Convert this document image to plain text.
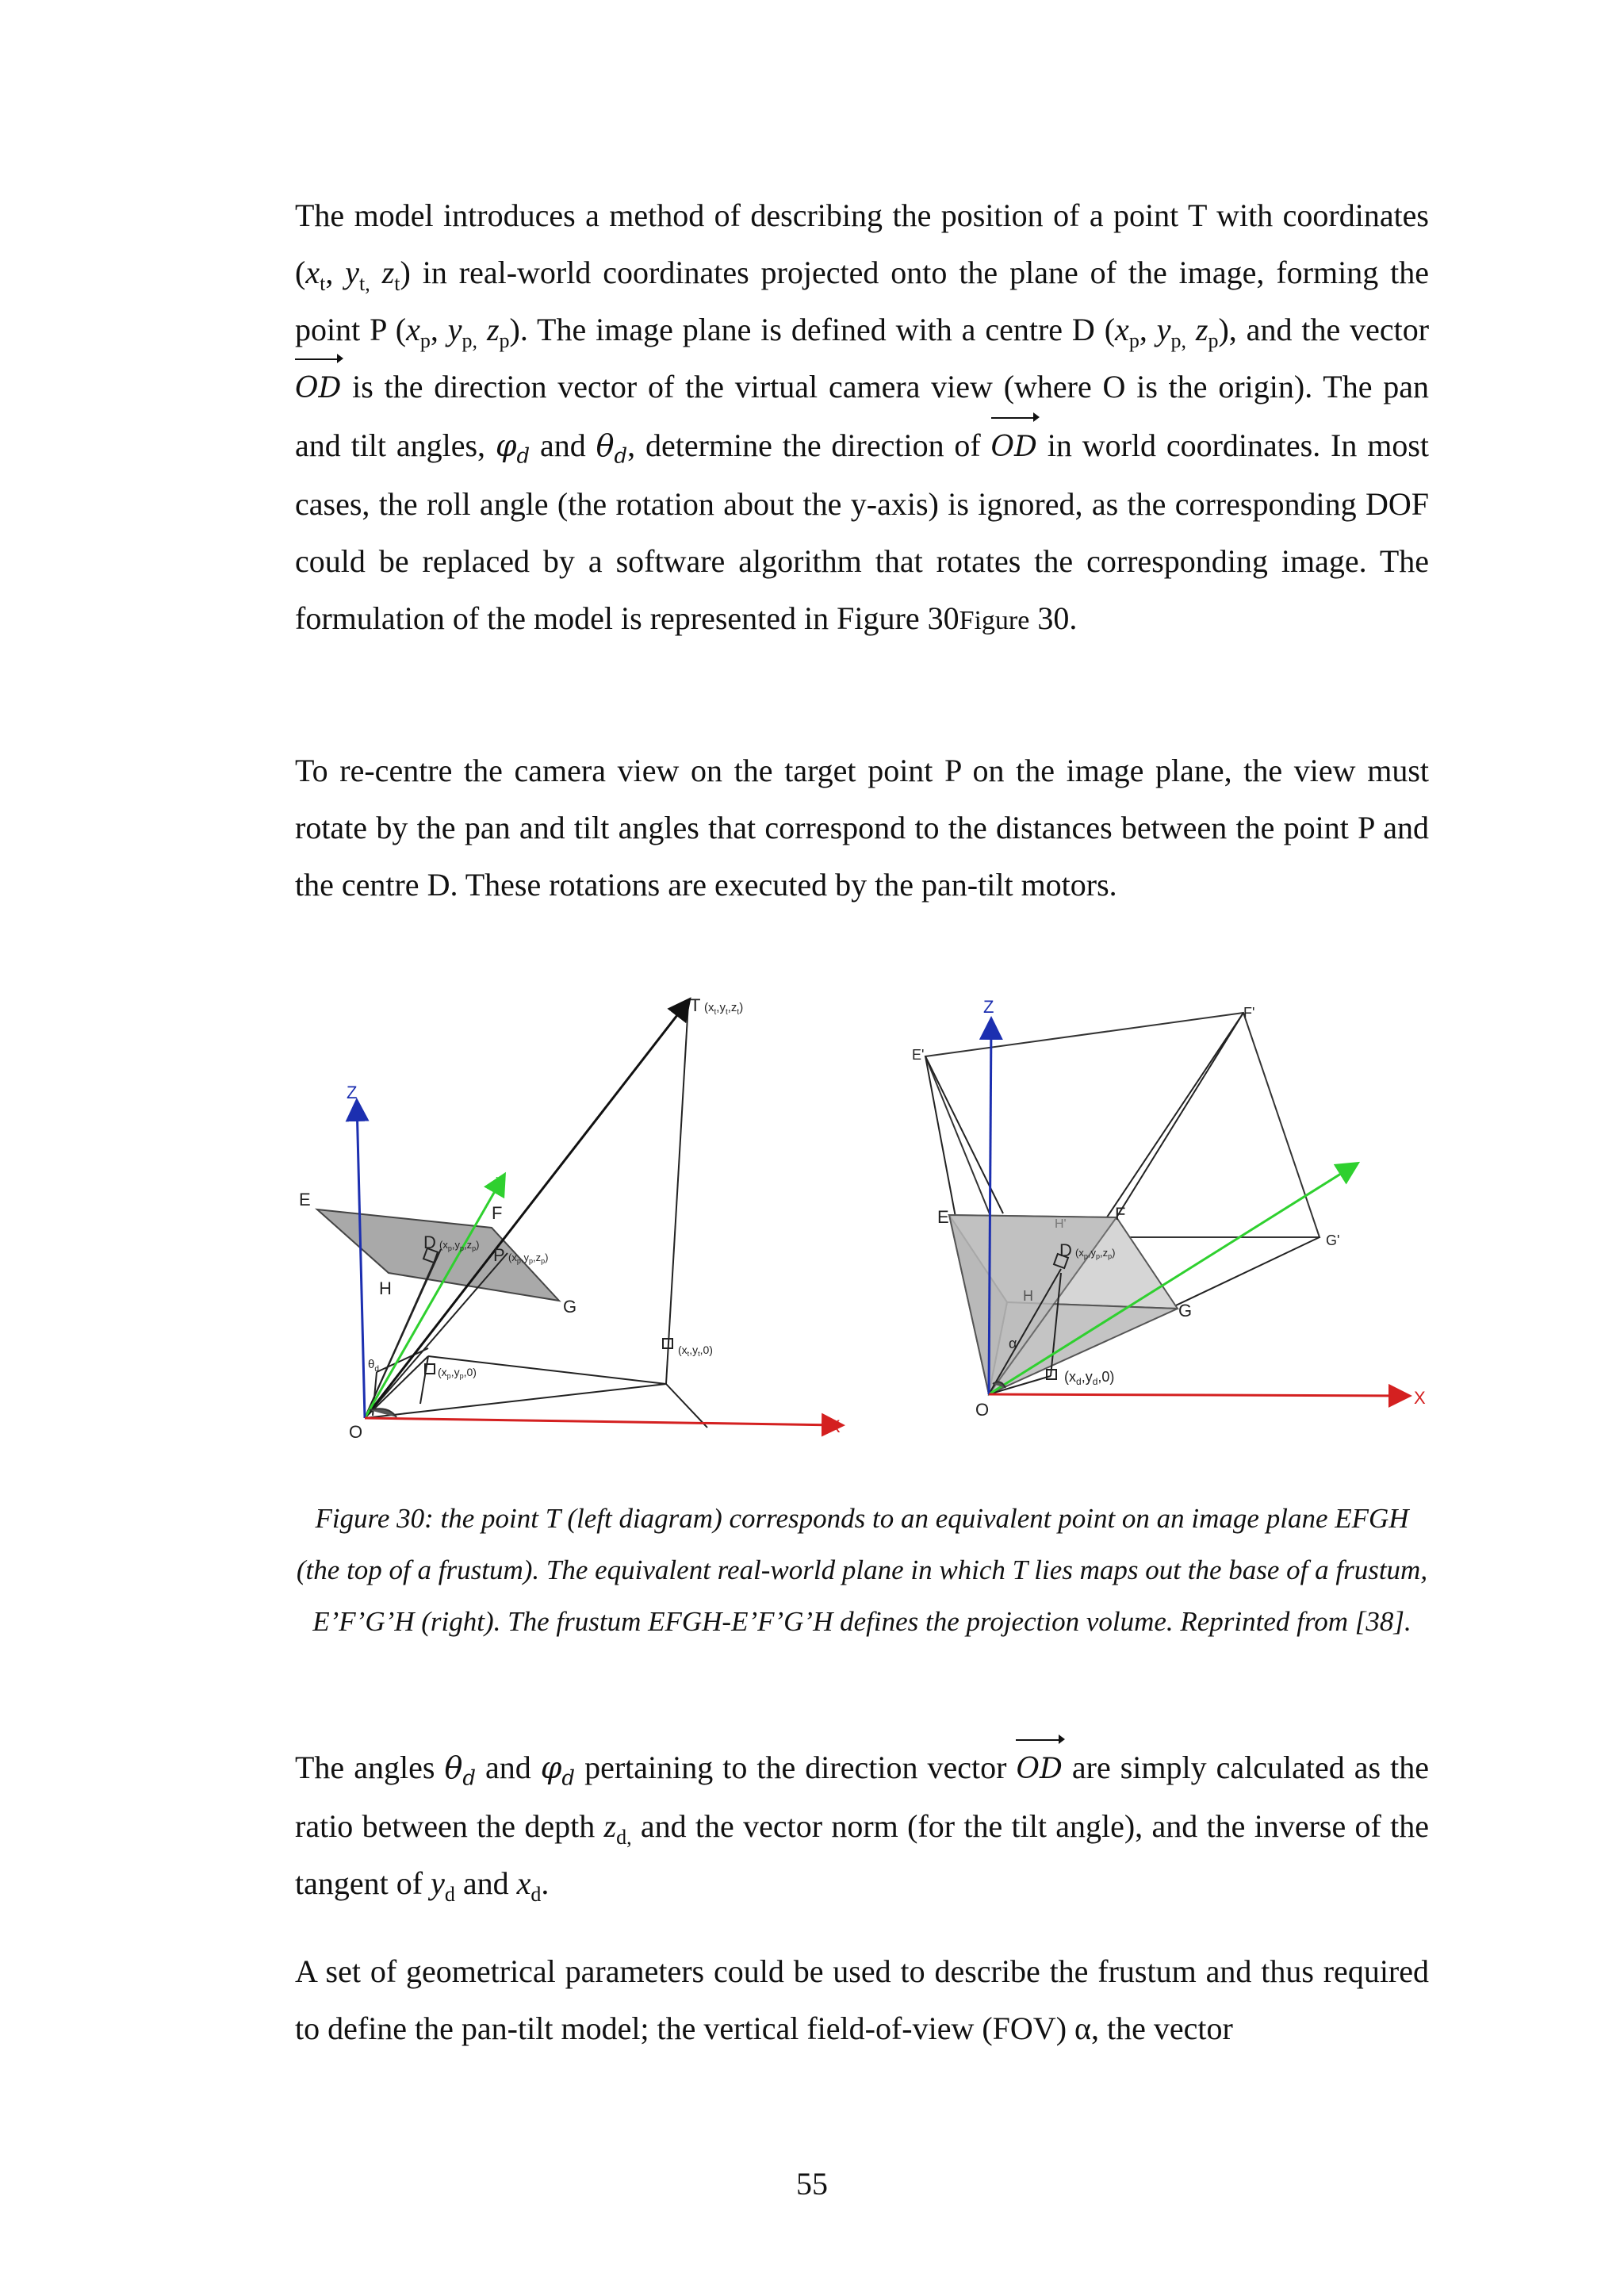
The model introduces a method of describing the position of a point T with coordinates ($x_t$, $y_{t,}$ $z_t$) in real-world coordinates projected onto the plane of the image, forming the point P ($x_p$, $y_{p,}$ $z_p$). The image plane is defined with a centre D ($x_p$, $y_{p,}$ $z_p$), and the vector OD is the direction vector of the virtual camera view (where O is the origin). The pan and tilt angles, $\varphi_d$ and $\theta_d$, determine the direction of OD in world coordinates. In most cases, the roll angle (the rotation about the y-axis) is ignored, as the corresponding DOF could be replaced by a software algorithm that rotates the corresponding image. The formulation of the model is represented in Figure 30Figure 30.

To re-centre the camera view on the target point P on the image plane, the view must rotate by the pan and tilt angles that correspond to the distances between the point P and the centre D. These rotations are executed by the pan-tilt motors.

T $(x_t,y_t,z_t)$
Z
Y
X
E
F
G
H
O
D $(x_p,y_p,z_p)$
P $(x_p,y_p,z_p)$
$\theta_d$	$(x_p,y_p,0)$
$(x_t,y_t,0)$
Z
Y
X
E'
F'
G'
H'
E	F
G
H
O
D $(x_p,y_p,z_p)$
α
$(x_d,y_d,0)$

Figure 30: the point T (left diagram) corresponds to an equivalent point on an image plane EFGH (the top of a frustum). The equivalent real-world plane in which T lies maps out the base of a frustum, E’F’G’H (right). The frustum EFGH-E’F’G’H defines the projection volume. Reprinted from [38].

The angles $\theta_d$ and $\varphi_d$ pertaining to the direction vector OD are simply calculated as the ratio between the depth $z_{d,}$ and the vector norm (for the tilt angle), and the inverse of the tangent of $y_d$ and $x_d$.

A set of geometrical parameters could be used to describe the frustum and thus required to define the pan-tilt model; the vertical field-of-view (FOV) α, the vector

55
